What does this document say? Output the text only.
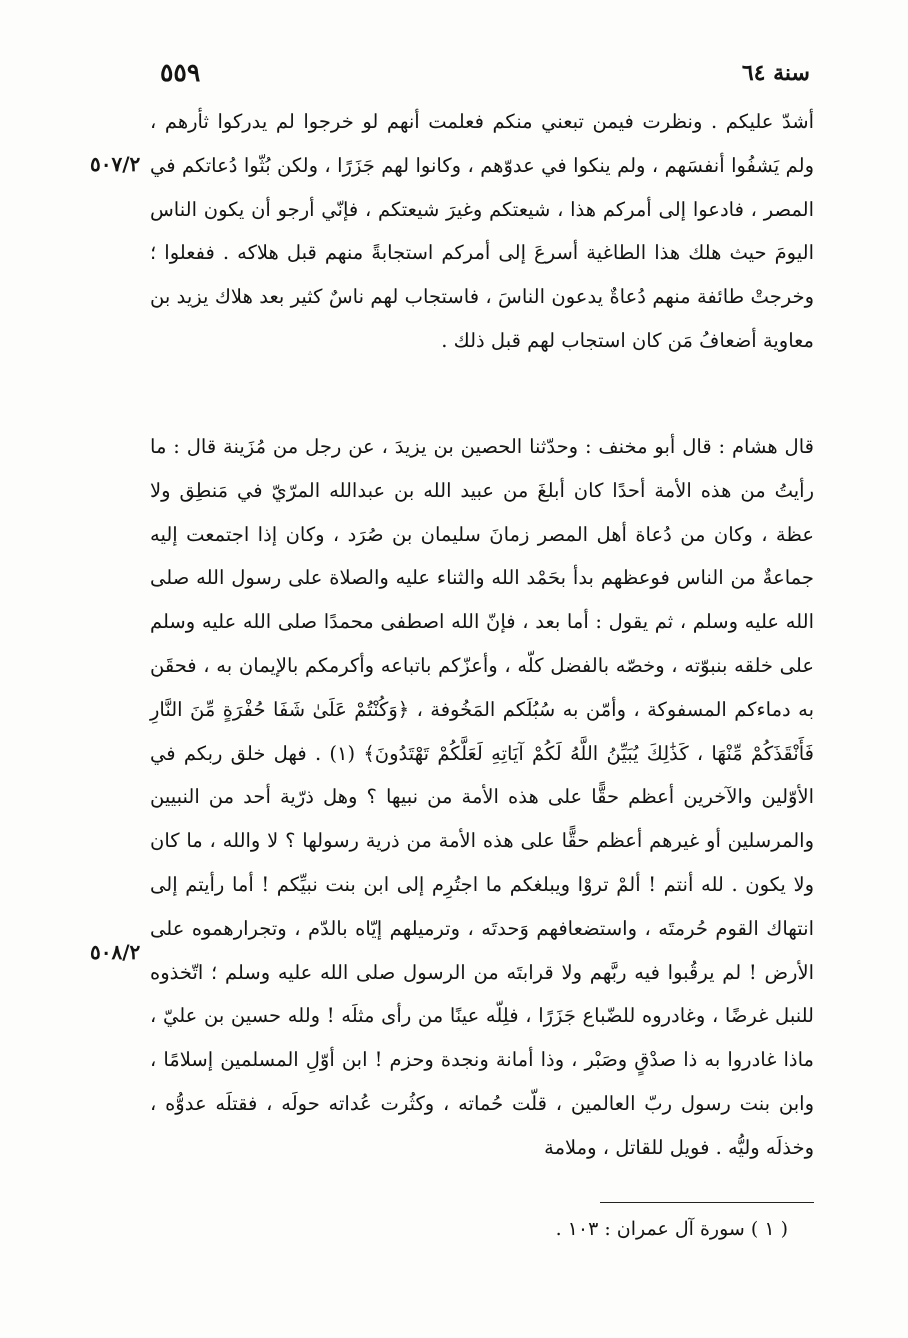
٥٥٩	سنة ٦٤
٥٠٧/٢
٥٠٨/٢

أشدّ عليكم . ونظرت فيمن تبعني منكم فعلمت أنهم لو خرجوا لم يدركوا ثأرهم ، ولم يَشفُوا أنفسَهم ، ولم ينكوا في عدوّهم ، وكانوا لهم جَزَرًا ، ولكن بُثّوا دُعاتكم في المصر ، فادعوا إلى أمركم هذا ، شيعتكم وغيرَ شيعتكم ، فإنّي أرجو أن يكون الناس اليومَ حيث هلك هذا الطاغية أسرعَ إلى أمركم استجابةً منهم قبل هلاكه . ففعلوا ؛ وخرجتْ طائفة منهم دُعاةٌ يدعون الناسَ ، فاستجاب لهم ناسٌ كثير بعد هلاك يزيد بن معاوية أضعافُ مَن كان استجاب لهم قبل ذلك .

قال هشام : قال أبو مخنف : وحدّثنا الحصين بن يزيدَ ، عن رجل من مُزَينة قال : ما رأيتُ من هذه الأمة أحدًا كان أبلغَ من عبيد الله بن عبدالله المرّيّ في مَنطِق ولا عظة ، وكان من دُعاة أهل المصر زمانَ سليمان بن صُرَد ، وكان إذا اجتمعت إليه جماعةٌ من الناس فوعظهم بدأ بحَمْد الله والثناء عليه والصلاة على رسول الله صلى الله عليه وسلم ، ثم يقول : أما بعد ، فإنّ الله اصطفى محمدًا صلى الله عليه وسلم على خلقه بنبوّته ، وخصّه بالفضل كلّه ، وأعزّكم باتباعه وأكرمكم بالإيمان به ، فحقَن به دماءكم المسفوكة ، وأمّن به سُبُلَكم المَخُوفة ، ﴿وَكُنْتُمْ عَلَىٰ شَفَا حُفْرَةٍ مِّنَ النَّارِ فَأَنْقَذَكُمْ مِّنْهَا ، كَذَٰلِكَ يُبَيِّنُ اللَّهُ لَكُمْ آيَاتِهِ لَعَلَّكُمْ تَهْتَدُونَ﴾ (١) . فهل خلق ربكم في الأوّلين والآخرين أعظم حقًّا على هذه الأمة من نبيها ؟ وهل ذرّية أحد من النبيين والمرسلين أو غيرهم أعظم حقًّا على هذه الأمة من ذرية رسولها ؟ لا والله ، ما كان ولا يكون . لله أنتم ! ألمْ تروْا ويبلغكم ما اجتُرِم إلى ابن بنت نبيِّكم ! أما رأيتم إلى انتهاك القوم حُرمتَه ، واستضعافهم وَحدتَه ، وترميلهم إيّاه بالدّم ، وتجرارهموه على الأرض ! لم يرقُبوا فيه ربَّهم ولا قرابتَه من الرسول صلى الله عليه وسلم ؛ اتّخذوه للنبل غرضًا ، وغادروه للضّباع جَزَرًا ، فلِلّه عينًا من رأى مثلَه ! ولله حسين بن عليّ ، ماذا غادروا به ذا صدْقٍ وصَبْر ، وذا أمانة ونجدة وحزم ! ابن أوّلِ المسلمين إسلامًا ، وابن بنت رسول ربّ العالمين ، قلّت حُماته ، وكثُرت عُداته حولَه ، فقتلَه عدوُّه ، وخذلَه وليُّه . فويل للقاتل ، وملامة

( ١ ) سورة آل عمران : ١٠٣ .
